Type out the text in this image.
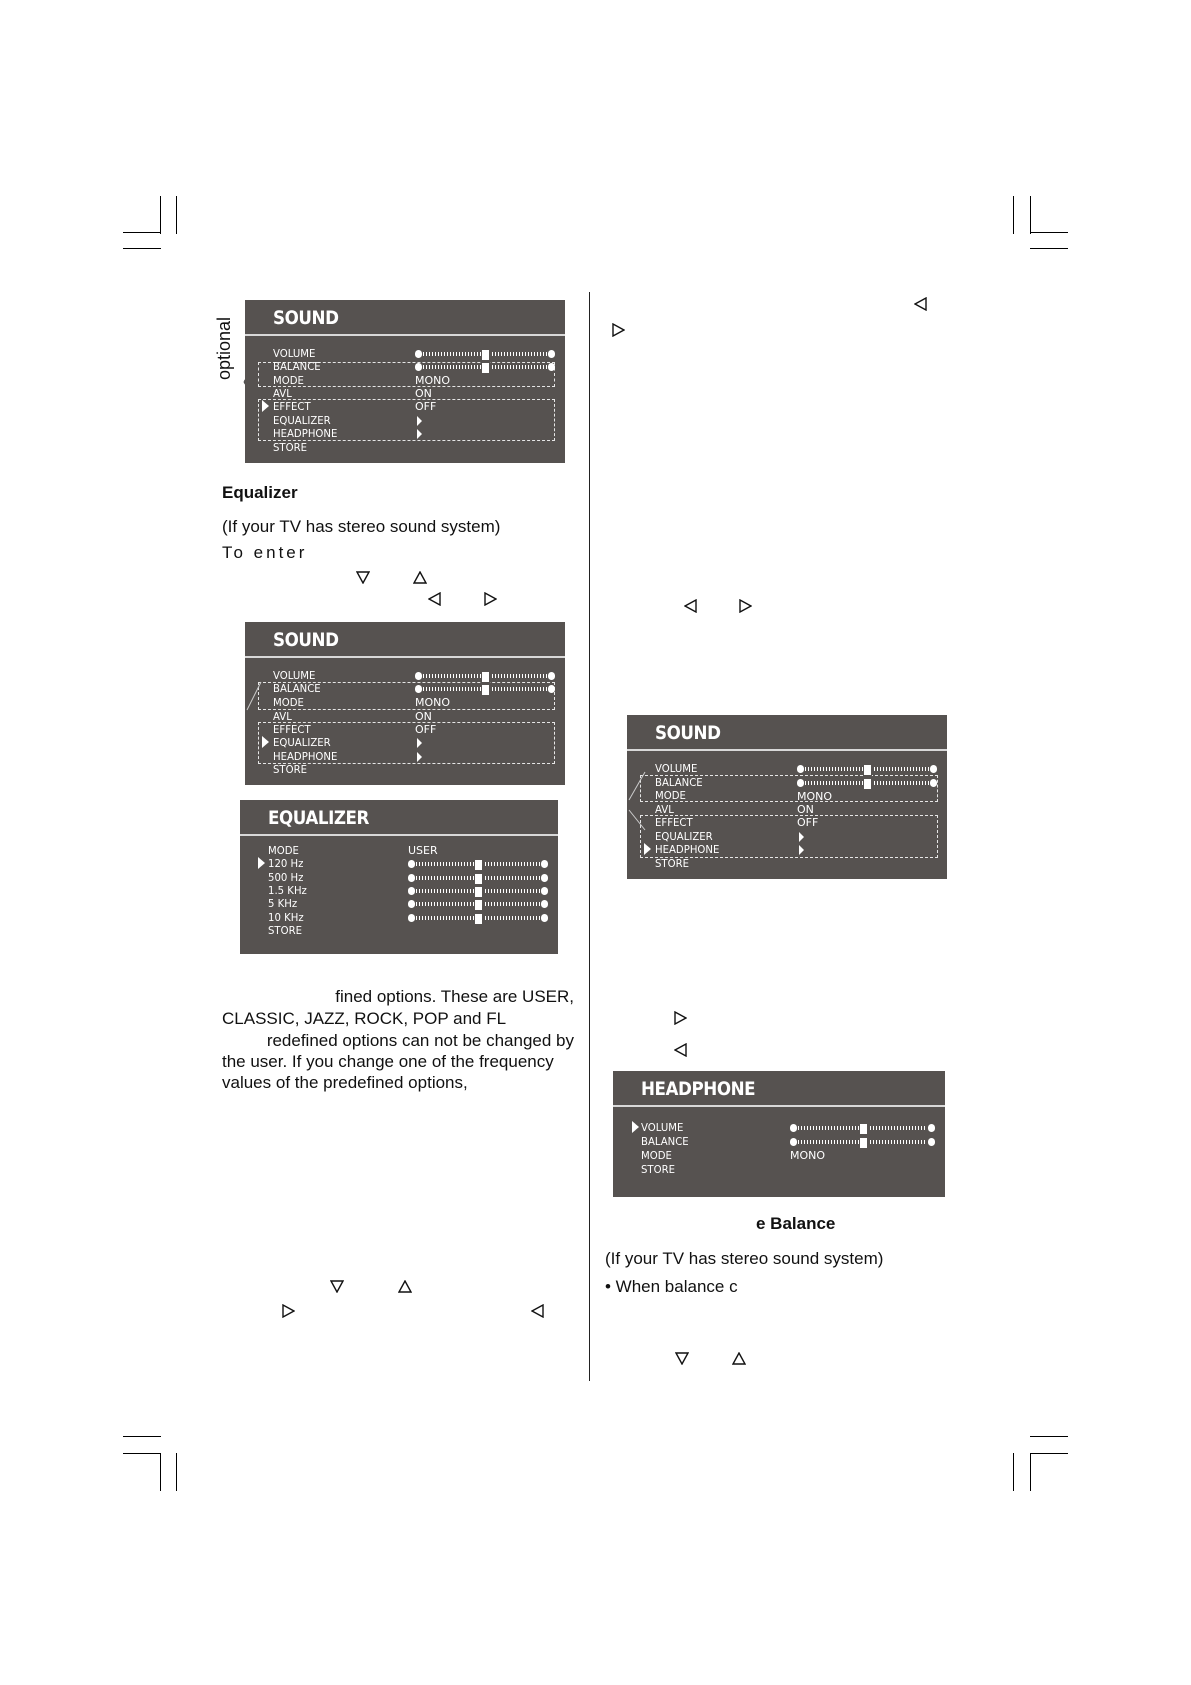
optional SOUND
VOLUME
BALANCE
MODE
AVL
EFFECT
EQUALIZER
HEADPHONE
STORE
MONO
ON
OFF
Equalizer
(If your TV has stereo sound system)
To enter
SOUND
VOLUME
BALANCE
MODE
AVL
EFFECT
EQUALIZER
HEADPHONE
STORE
MONO
ON
OFF
EQUALIZER
MODE
120 Hz
500 Hz
1.5 KHz
5 KHz
10 KHz
STORE
USER
fined options. These are USER,
CLASSIC, JAZZ, ROCK, POP and FL
redefined options can not be changed by
the user. If you change one of the frequency
values of the predefined options,
SOUND
VOLUME
BALANCE
MODE
AVL
EFFECT
EQUALIZER
HEADPHONE
STORE
MONO
ON
OFF
HEADPHONE
VOLUME
BALANCE
MODE
STORE
MONO
e Balance
(If your TV has stereo sound system)
• When balance c
